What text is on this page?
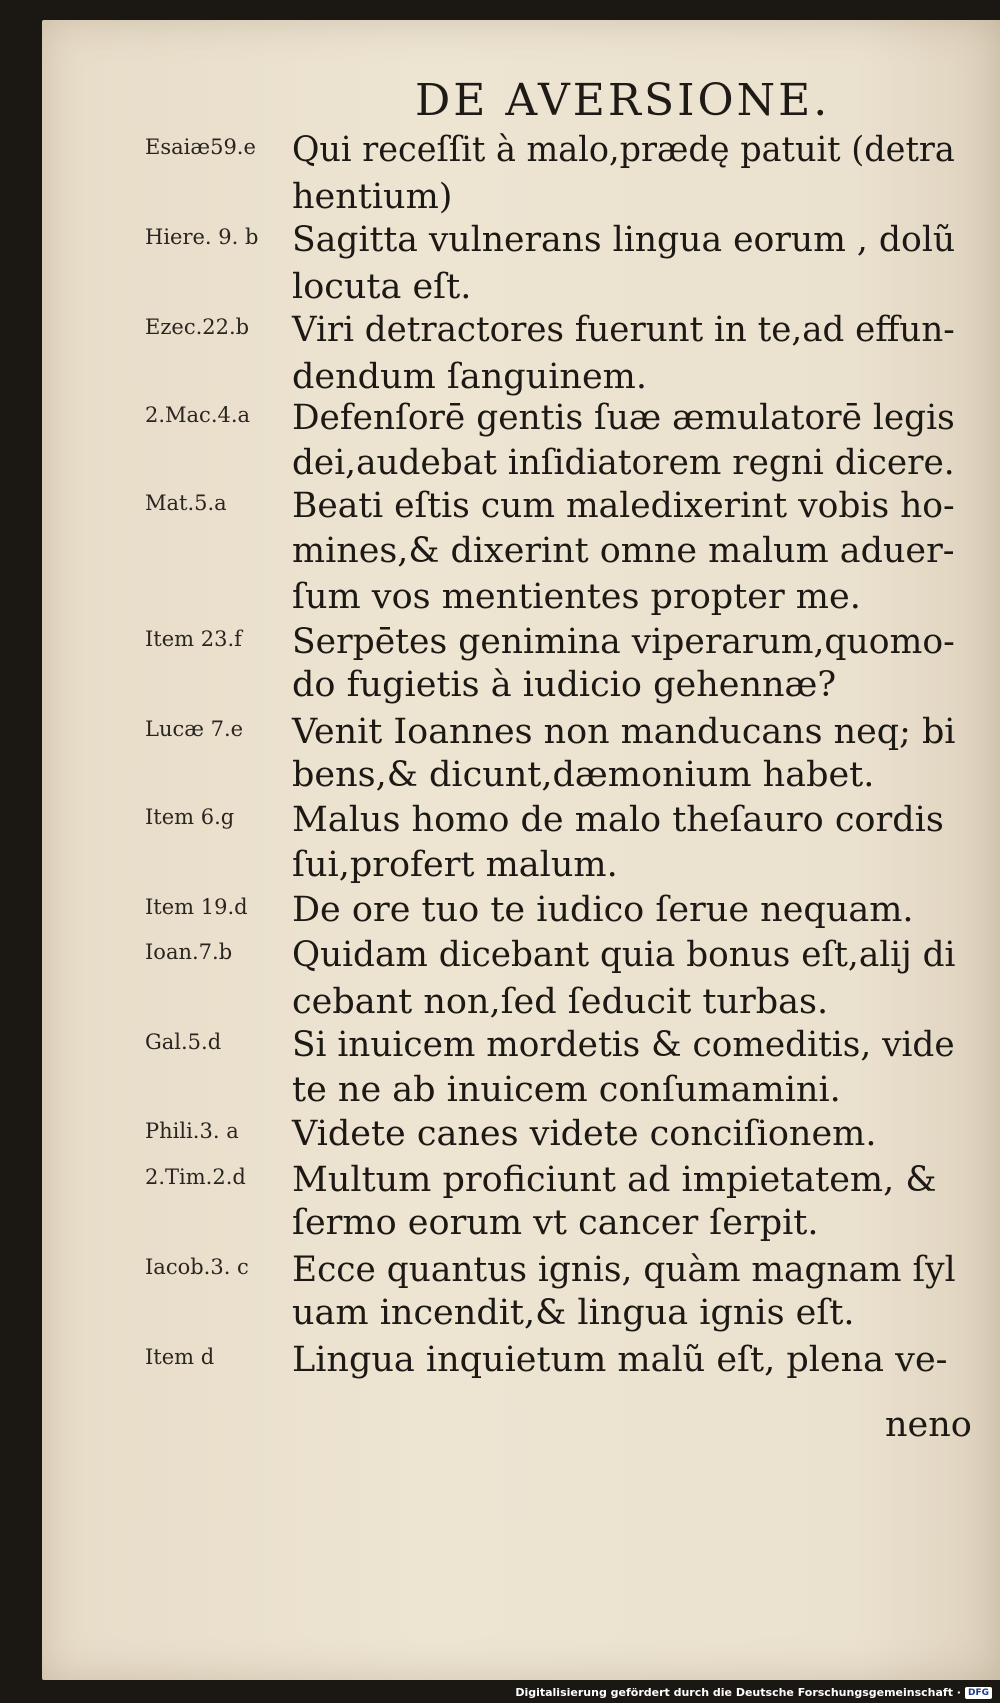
DE AVERSIONE.
Esaiæ59.e Qui receſſit à malo,prædę patuit (detra
hentium)
Hiere. 9. b Sagitta vulnerans lingua eorum , dolũ
locuta eſt.
Ezec.22.b Viri detractores fuerunt in te,ad effun-
dendum ſanguinem.
2.Mac.4.a Defenſorē gentis ſuæ æmulatorē legis
dei,audebat inſidiatorem regni dicere.
Mat.5.a Beati eſtis cum maledixerint vobis ho-
mines,& dixerint omne malum aduer-
ſum vos mentientes propter me.
Item 23.f Serpētes genimina viperarum,quomo-
do fugietis à iudicio gehennæ?
Lucæ 7.e Venit Ioannes non manducans neq; bi
bens,& dicunt,dæmonium habet.
Item 6.g Malus homo de malo theſauro cordis
ſui,profert malum.
Item 19.d De ore tuo te iudico ſerue nequam.
Ioan.7.b Quidam dicebant quia bonus eſt,alij di
cebant non,ſed ſeducit turbas.
Gal.5.d Si inuicem mordetis & comeditis, vide
te ne ab inuicem conſumamini.
Phili.3. a Videte canes videte conciſionem.
2.Tim.2.d Multum proficiunt ad impietatem, &
ſermo eorum vt cancer ſerpit.
Iacob.3. c Ecce quantus ignis, quàm magnam ſyl
uam incendit,& lingua ignis eſt.
Item d Lingua inquietum malũ eſt, plena ve-
neno
Digitalisierung gefördert durch die Deutsche Forschungsgemeinschaft · DFG
